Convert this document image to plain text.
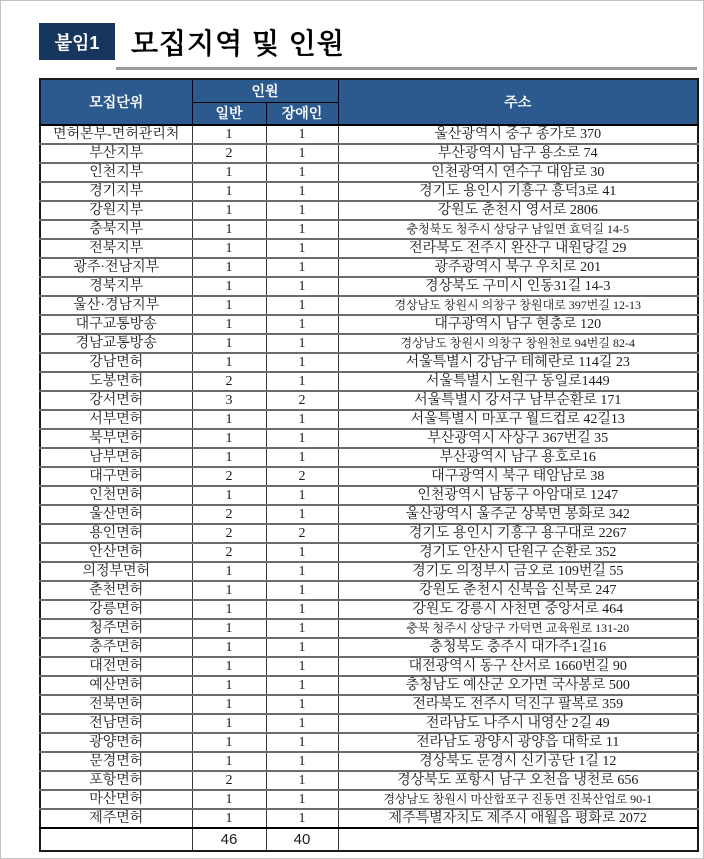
붙임1	모집지역 및 인원
모집단위	인원		주소
	일반	장애인	
면허본부-면허관리처	1	1	울산광역시 중구 종가로 370
부산지부	2	1	부산광역시 남구 용소로 74
인천지부	1	1	인천광역시 연수구 대암로 30
경기지부	1	1	경기도 용인시 기흥구 흥덕3로 41
강원지부	1	1	강원도 춘천시 영서로 2806
충북지부	1	1	충청북도 청주시 상당구 남일면 효덕길 14-5
전북지부	1	1	전라북도 전주시 완산구 내원당길 29
광주·전남지부	1	1	광주광역시 북구 우치로 201
경북지부	1	1	경상북도 구미시 인동31길 14-3
울산·경남지부	1	1	경상남도 창원시 의창구 창원대로 397번길 12-13
대구교통방송	1	1	대구광역시 남구 현충로 120
경남교통방송	1	1	경상남도 창원시 의창구 창원천로 94번길 82-4
강남면허	1	1	서울특별시 강남구 테헤란로 114길 23
도봉면허	2	1	서울특별시 노원구 동일로1449
강서면허	3	2	서울특별시 강서구 남부순환로 171
서부면허	1	1	서울특별시 마포구 월드컵로 42길13
북부면허	1	1	부산광역시 사상구 367번길 35
남부면허	1	1	부산광역시 남구 용호로16
대구면허	2	2	대구광역시 북구 태암남로 38
인천면허	1	1	인천광역시 남동구 아암대로 1247
울산면허	2	1	울산광역시 울주군 상북면 봉화로 342
용인면허	2	2	경기도 용인시 기흥구 용구대로 2267
안산면허	2	1	경기도 안산시 단원구 순환로 352
의정부면허	1	1	경기도 의정부시 금오로 109번길 55
춘천면허	1	1	강원도 춘천시 신북읍 신북로 247
강릉면허	1	1	강원도 강릉시 사천면 중앙서로 464
청주면허	1	1	충북 청주시 상당구 가덕면 교육원로 131-20
충주면허	1	1	충청북도 충주시 대가주1길16
대전면허	1	1	대전광역시 동구 산서로 1660번길 90
예산면허	1	1	충청남도 예산군 오가면 국사봉로 500
전북면허	1	1	전라북도 전주시 덕진구 팔복로 359
전남면허	1	1	전라남도 나주시 내영산 2길 49
광양면허	1	1	전라남도 광양시 광양읍 대학로 11
문경면허	1	1	경상북도 문경시 신기공단 1길 12
포항면허	2	1	경상북도 포항시 남구 오천읍 냉천로 656
마산면허	1	1	경상남도 창원시 마산합포구 진동면 진북산업로 90-1
제주면허	1	1	제주특별자치도 제주시 애월읍 평화로 2072
	46	40	
